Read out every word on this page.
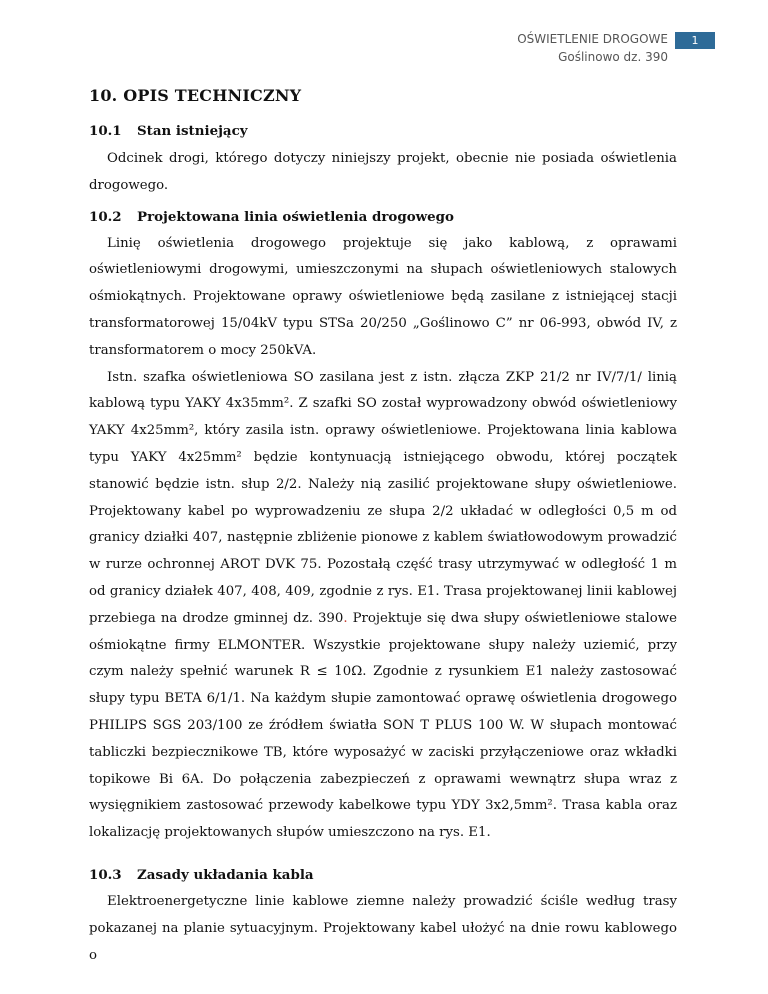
OŚWIETLENIE DROGOWE
Goślinowo dz. 390
1
10. OPIS TECHNICZNY
10.1 Stan istniejący

Odcinek drogi, którego dotyczy niniejszy projekt, obecnie nie posiada oświetlenia drogowego.

10.2 Projektowana linia oświetlenia drogowego

Linię oświetlenia drogowego projektuje się jako kablową, z oprawami oświetleniowymi drogowymi, umieszczonymi na słupach oświetleniowych stalowych ośmiokątnych. Projektowane oprawy oświetleniowe będą zasilane z istniejącej stacji transformatorowej 15/04kV typu STSa 20/250 „Goślinowo C” nr 06-993, obwód IV, z transformatorem o mocy 250kVA.

Istn. szafka oświetleniowa SO zasilana jest z istn. złącza ZKP 21/2 nr IV/7/1/ linią kablową typu YAKY 4x35mm². Z szafki SO został wyprowadzony obwód oświetleniowy YAKY 4x25mm², który zasila istn. oprawy oświetleniowe. Projektowana linia kablowa typu YAKY 4x25mm² będzie kontynuacją istniejącego obwodu, której początek stanowić będzie istn. słup 2/2. Należy nią zasilić projektowane słupy oświetleniowe. Projektowany kabel po wyprowadzeniu ze słupa 2/2 układać w odległości 0,5 m od granicy działki 407, następnie zbliżenie pionowe z kablem światłowodowym prowadzić w rurze ochronnej AROT DVK 75. Pozostałą część trasy utrzymywać w odległość 1 m od granicy działek 407, 408, 409, zgodnie z rys. E1. Trasa projektowanej linii kablowej przebiega na drodze gminnej dz. 390. Projektuje się dwa słupy oświetleniowe stalowe ośmiokątne firmy ELMONTER. Wszystkie projektowane słupy należy uziemić, przy czym należy spełnić warunek R ≤ 10Ω. Zgodnie z rysunkiem E1 należy zastosować słupy typu BETA 6/1/1. Na każdym słupie zamontować oprawę oświetlenia drogowego PHILIPS SGS 203/100 ze źródłem światła SON T PLUS 100 W. W słupach montować tabliczki bezpiecznikowe TB, które wyposażyć w zaciski przyłączeniowe oraz wkładki topikowe Bi 6A. Do połączenia zabezpieczeń z oprawami wewnątrz słupa wraz z wysięgnikiem zastosować przewody kabelkowe typu YDY 3x2,5mm². Trasa kabla oraz lokalizację projektowanych słupów umieszczono na rys. E1.

10.3 Zasady układania kabla

Elektroenergetyczne linie kablowe ziemne należy prowadzić ściśle według trasy pokazanej na planie sytuacyjnym. Projektowany kabel ułożyć na dnie rowu kablowego o
